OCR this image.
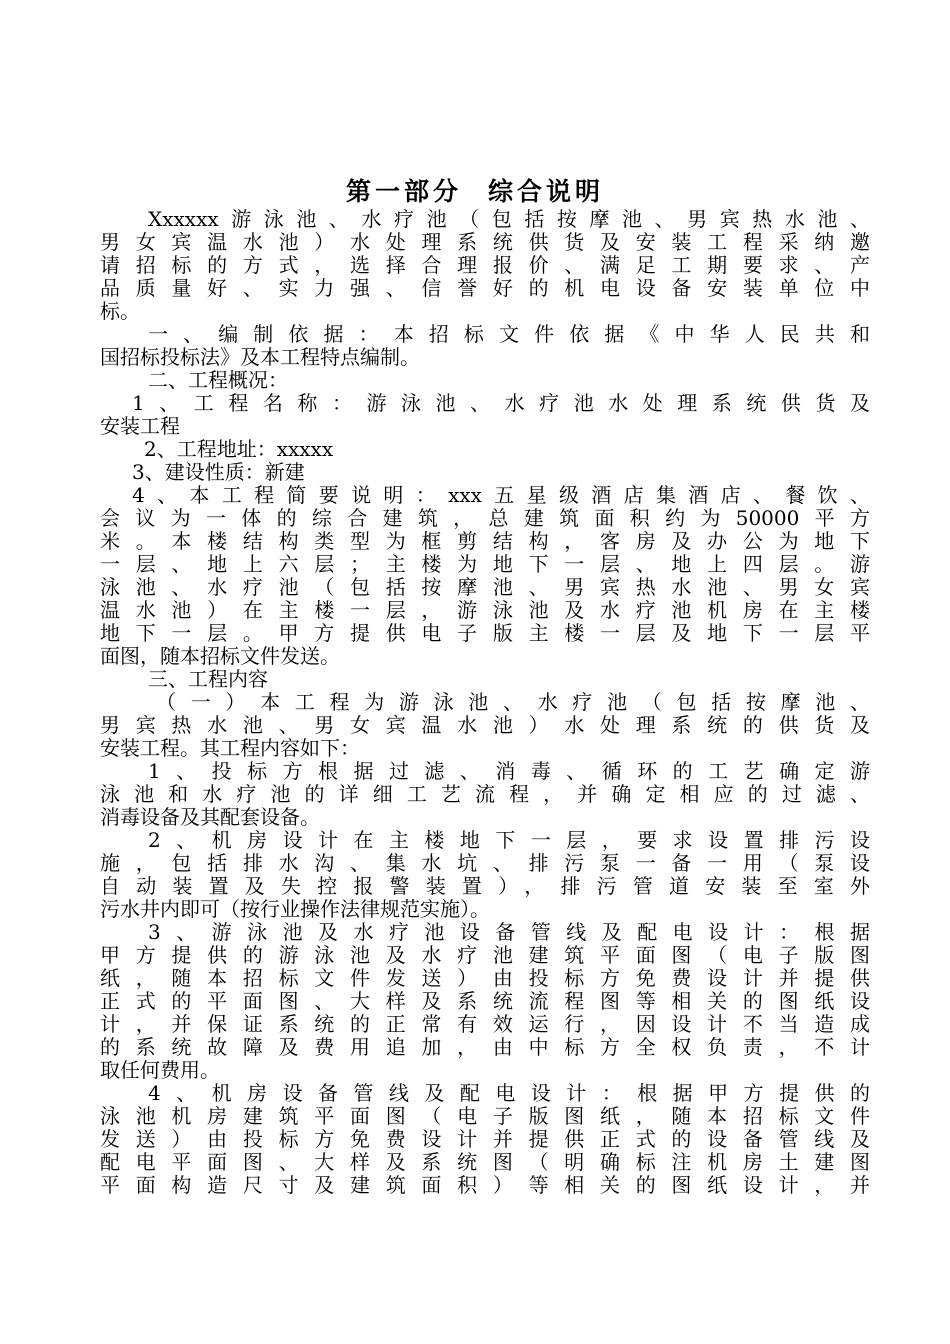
第一部分 综合说明
Xxxxxx游泳池、水疗池（包括按摩池、男宾热水池、
男女宾温水池）水处理系统供货及安装工程采纳邀
请招标的方式，选择合理报价、满足工期要求、产
品质量好、实力强、信誉好的机电设备安装单位中
标。
一、编制依据：本招标文件依据《中华人民共和
国招标投标法》及本工程特点编制。
二、工程概况：
1、工程名称：游泳池、水疗池水处理系统供货及
安装工程
2、工程地址：xxxxx
3、建设性质：新建
4、本工程简要说明：xxx五星级酒店集酒店、餐饮、
会议为一体的综合建筑，总建筑面积约为50000平方
米。本楼结构类型为框剪结构，客房及办公为地下
一层、地上六层；主楼为地下一层、地上四层。游
泳池、水疗池（包括按摩池、男宾热水池、男女宾
温水池）在主楼一层，游泳池及水疗池机房在主楼
地下一层。甲方提供电子版主楼一层及地下一层平
面图，随本招标文件发送。
三、工程内容
（一）本工程为游泳池、水疗池（包括按摩池、
男宾热水池、男女宾温水池）水处理系统的供货及
安装工程。其工程内容如下：
1、投标方根据过滤、消毒、循环的工艺确定游
泳池和水疗池的详细工艺流程，并确定相应的过滤、
消毒设备及其配套设备。
2、机房设计在主楼地下一层，要求设置排污设
施，包括排水沟、集水坑、排污泵一备一用（泵设
自动装置及失控报警装置），排污管道安装至室外
污水井内即可（按行业操作法律规范实施）。
3、游泳池及水疗池设备管线及配电设计：根据
甲方提供的游泳池及水疗池建筑平面图（电子版图
纸，随本招标文件发送）由投标方免费设计并提供
正式的平面图、大样及系统流程图等相关的图纸设
计，并保证系统的正常有效运行，因设计不当造成
的系统故障及费用追加，由中标方全权负责，不计
取任何费用。
4、机房设备管线及配电设计：根据甲方提供的
泳池机房建筑平面图（电子版图纸，随本招标文件
发送）由投标方免费设计并提供正式的设备管线及
配电平面图、大样及系统图（明确标注机房土建图
平面构造尺寸及建筑面积）等相关的图纸设计，并
